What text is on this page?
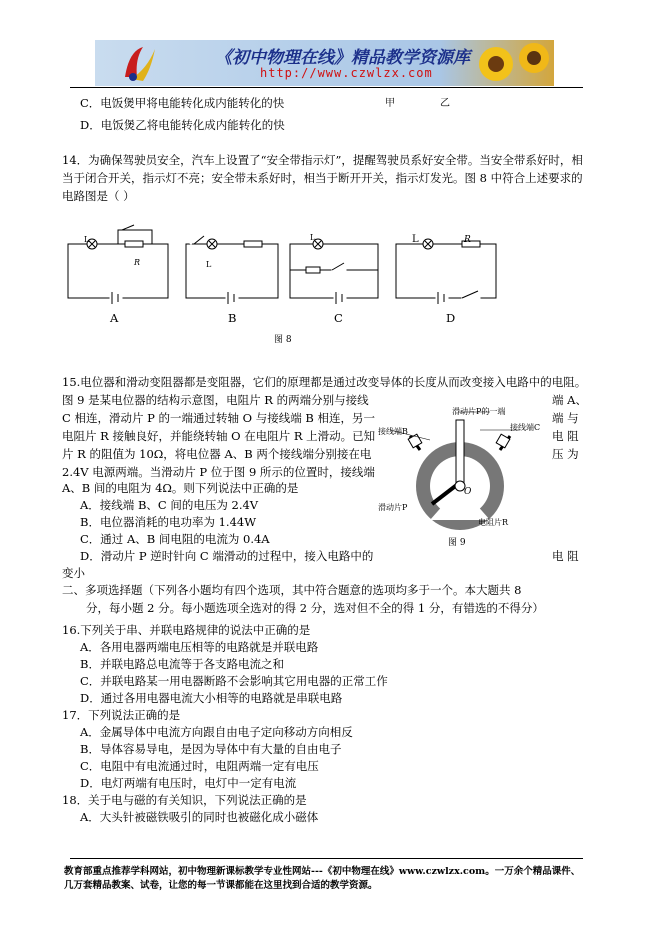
《初中物理在线》精品教学资源库
http://www.czwlzx.com
C．电饭煲甲将电能转化成内能转化的快	甲	乙
D．电饭煲乙将电能转化成内能转化的快
14．为确保驾驶员安全，汽车上设置了“安全带指示灯”，提醒驾驶员系好安全带。当安全带系好时，相
当于闭合开关，指示灯不亮；安全带未系好时，相当于断开开关，指示灯发光。图 8 中符合上述要求的
电路图是（ ）
L
R	L
L	L	R
A	B	C	D
图 8
15.电位器和滑动变阻器都是变阻器，它们的原理都是通过改变导体的长度从而改变接入电路中的电阻。
图 9 是某电位器的结构示意图，电阻片 R 的两端分别与接线	端 A、
C 相连，滑动片 P 的一端通过转轴 O 与接线端 B 相连，另一	端 与
电阻片 R 接触良好，并能绕转轴 O 在电阻片 R 上滑动。已知	电 阻
片 R 的阻值为 10Ω，将电位器 A、B 两个接线端分别接在电	压 为
2.4V 电源两端。当滑动片 P 位于图 9 所示的位置时，接线端
A、B 间的电阻为 4Ω。则下列说法中正确的是
A．接线端 B、C 间的电压为 2.4V
B．电位器消耗的电功率为 1.44W
C．通过 A、B 间电阻的电流为 0.4A
D．滑动片 P 逆时针向 C 端滑动的过程中，接入电路中的	电 阻
变小
滑动片P的一端
接线端B	接线端C
滑动片P
O
电阻片R
图 9
二、多项选择题（下列各小题均有四个选项，其中符合题意的选项均多于一个。本大题共 8
分，每小题 2 分。每小题选项全选对的得 2 分，选对但不全的得 1 分，有错选的不得分）
16.下列关于串、并联电路规律的说法中正确的是
A．各用电器两端电压相等的电路就是并联电路
B．并联电路总电流等于各支路电流之和
C．并联电路某一用电器断路不会影响其它用电器的正常工作
D．通过各用电器电流大小相等的电路就是串联电路
17．下列说法正确的是
A．金属导体中电流方向跟自由电子定向移动方向相反
B．导体容易导电，是因为导体中有大量的自由电子
C．电阻中有电流通过时，电阻两端一定有电压
D．电灯两端有电压时，电灯中一定有电流
18．关于电与磁的有关知识，下列说法正确的是
A．大头针被磁铁吸引的同时也被磁化成小磁体
教育部重点推荐学科网站，初中物理新课标教学专业性网站---《初中物理在线》www.czwlzx.com。一万余个精品课件、
几万套精品教案、试卷，让您的每一节课都能在这里找到合适的教学资源。
